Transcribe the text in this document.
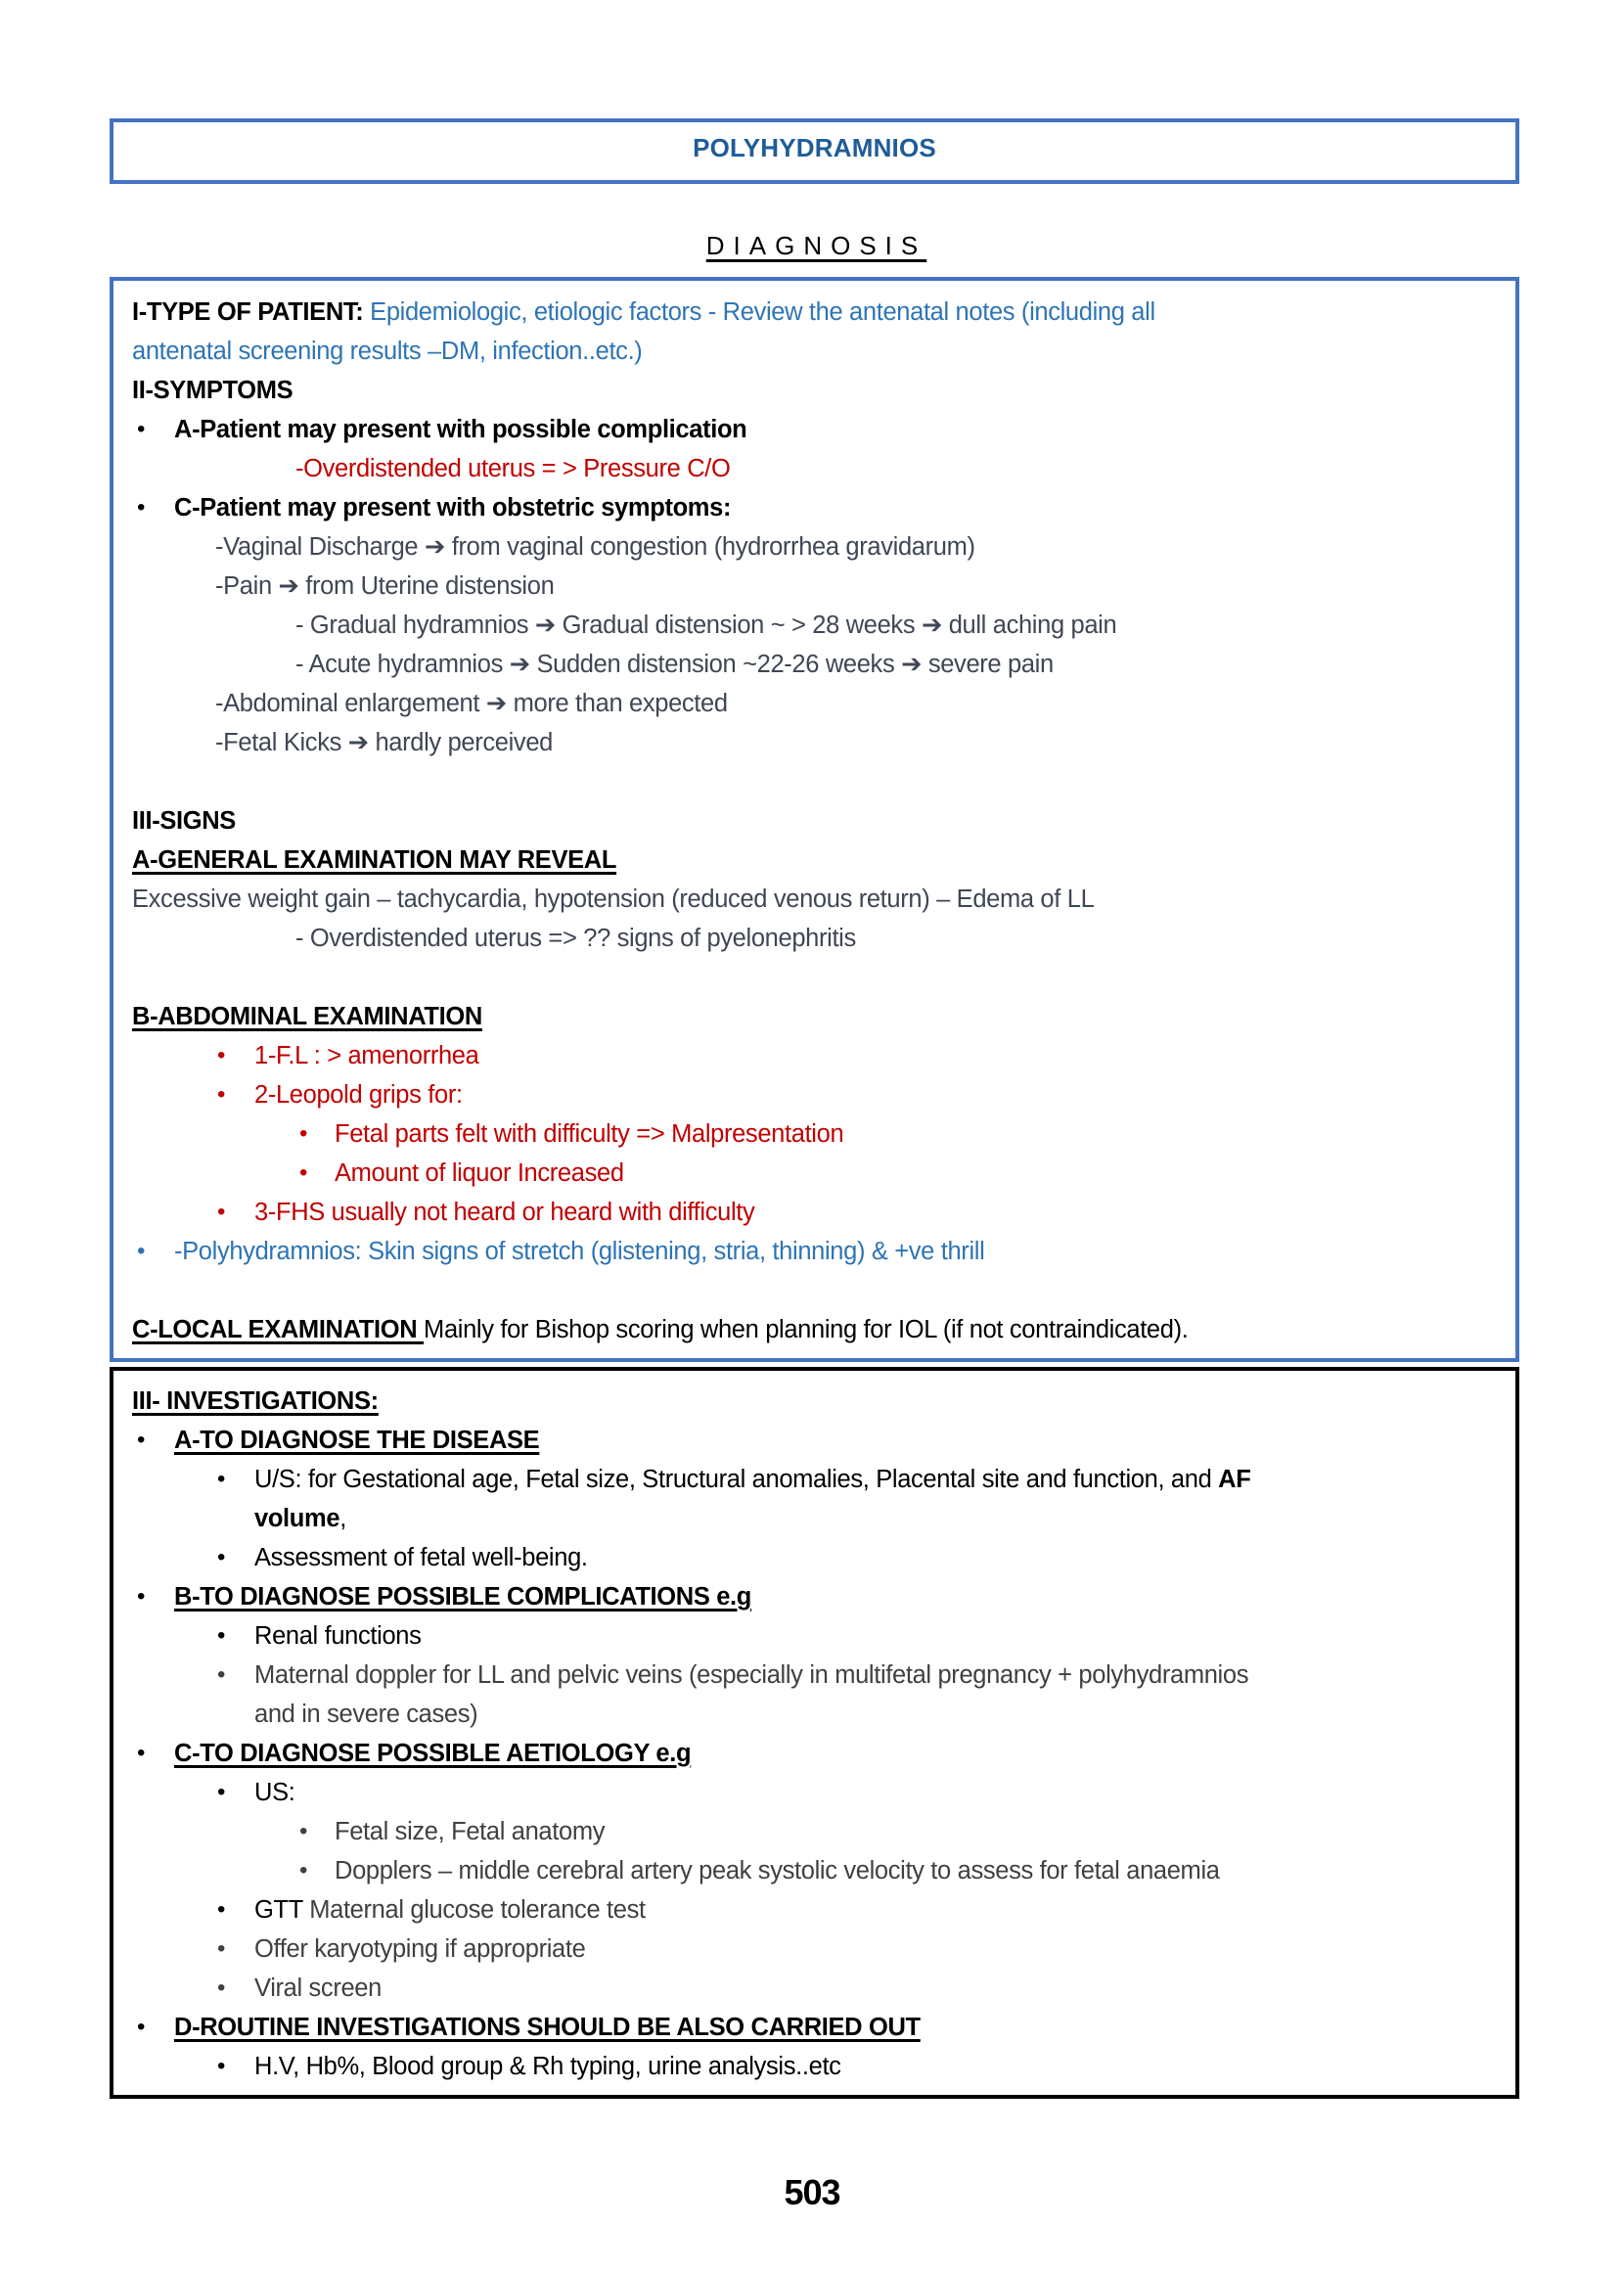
POLYHYDRAMNIOS
DIAGNOSIS
I-TYPE OF PATIENT: Epidemiologic, etiologic factors - Review the antenatal notes (including all
antenatal screening results –DM, infection..etc.)
II-SYMPTOMS
• A-Patient may present with possible complication
-Overdistended uterus = > Pressure C/O
• C-Patient may present with obstetric symptoms:
-Vaginal Discharge ➔ from vaginal congestion (hydrorrhea gravidarum)
-Pain ➔ from Uterine distension
- Gradual hydramnios ➔ Gradual distension ~ > 28 weeks ➔ dull aching pain
- Acute hydramnios ➔ Sudden distension ~22-26 weeks ➔ severe pain
-Abdominal enlargement ➔ more than expected
-Fetal Kicks ➔ hardly perceived
III-SIGNS
A-GENERAL EXAMINATION MAY REVEAL
Excessive weight gain – tachycardia, hypotension (reduced venous return) – Edema of LL
- Overdistended uterus => ?? signs of pyelonephritis
B-ABDOMINAL EXAMINATION
• 1-F.L : > amenorrhea
• 2-Leopold grips for:
• Fetal parts felt with difficulty => Malpresentation
• Amount of liquor Increased
• 3-FHS usually not heard or heard with difficulty
• -Polyhydramnios: Skin signs of stretch (glistening, stria, thinning) & +ve thrill
C-LOCAL EXAMINATION Mainly for Bishop scoring when planning for IOL (if not contraindicated).
III- INVESTIGATIONS:
• A-TO DIAGNOSE THE DISEASE
• U/S: for Gestational age, Fetal size, Structural anomalies, Placental site and function, and AF
volume,
• Assessment of fetal well-being.
• B-TO DIAGNOSE POSSIBLE COMPLICATIONS e.g
• Renal functions
• Maternal doppler for LL and pelvic veins (especially in multifetal pregnancy + polyhydramnios
and in severe cases)
• C-TO DIAGNOSE POSSIBLE AETIOLOGY e.g
• US:
• Fetal size, Fetal anatomy
• Dopplers – middle cerebral artery peak systolic velocity to assess for fetal anaemia
• GTT Maternal glucose tolerance test
• Offer karyotyping if appropriate
• Viral screen
• D-ROUTINE INVESTIGATIONS SHOULD BE ALSO CARRIED OUT
• H.V, Hb%, Blood group & Rh typing, urine analysis..etc
503
